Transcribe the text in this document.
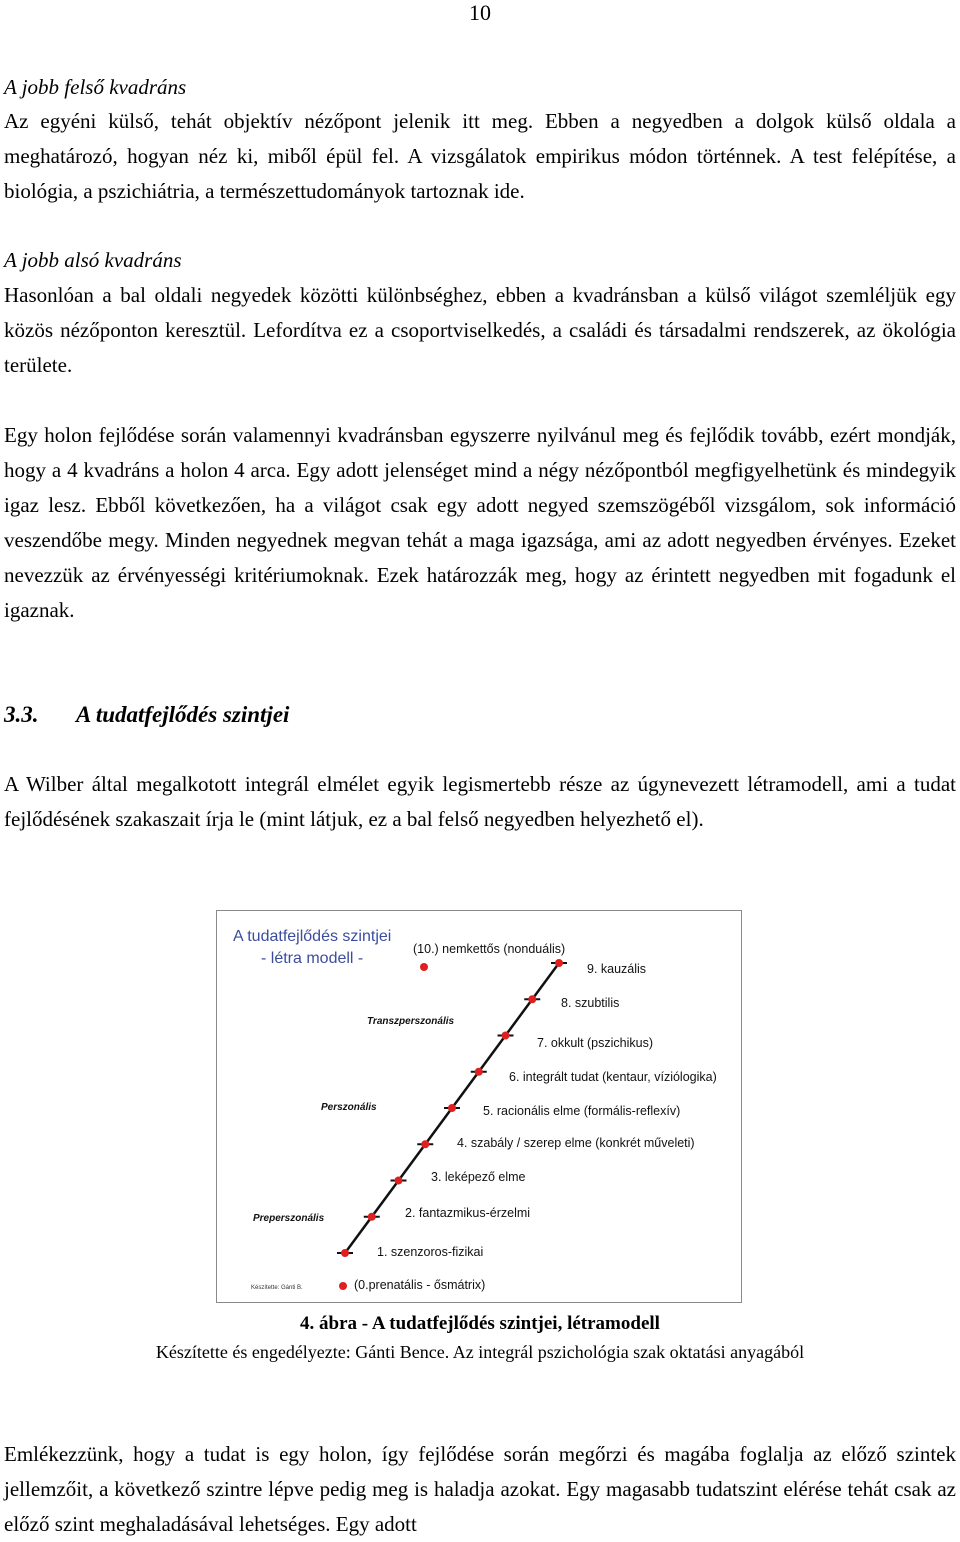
10

A jobb felső kvadráns

Az egyéni külső, tehát objektív nézőpont jelenik itt meg. Ebben a negyedben a dolgok külső oldala a meghatározó, hogyan néz ki, miből épül fel. A vizsgálatok empirikus módon történnek. A test felépítése, a biológia, a pszichiátria, a természettudományok tartoznak ide.

A jobb alsó kvadráns

Hasonlóan a bal oldali negyedek közötti különbséghez, ebben a kvadránsban a külső világot szemléljük egy közös nézőponton keresztül. Lefordítva ez a csoportviselkedés, a családi és társadalmi rendszerek, az ökológia területe.

Egy holon fejlődése során valamennyi kvadránsban egyszerre nyilvánul meg és fejlődik tovább, ezért mondják, hogy a 4 kvadráns a holon 4 arca. Egy adott jelenséget mind a négy nézőpontból megfigyelhetünk és mindegyik igaz lesz. Ebből következően, ha a világot csak egy adott negyed szemszögéből vizsgálom, sok információ veszendőbe megy. Minden negyednek megvan tehát a maga igazsága, ami az adott negyedben érvényes. Ezeket nevezzük az érvényességi kritériumoknak. Ezek határozzák meg, hogy az érintett negyedben mit fogadunk el igaznak.

3.3. A tudatfejlődés szintjei

A Wilber által megalkotott integrál elmélet egyik legismertebb része az úgynevezett létramodell, ami a tudat fejlődésének szakaszait írja le (mint látjuk, ez a bal felső negyedben helyezhető el).

A tudatfejlődés szintjei
- létra modell -
(10.) nemkettős (nonduális)
9. kauzális
8. szubtilis
7. okkult (pszichikus)
6. integrált tudat (kentaur, víziólogika)
5. racionális elme (formális-reflexív)
4. szabály / szerep elme (konkrét műveleti)
3. leképező elme
2. fantazmikus-érzelmi
1. szenzoros-fizikai
(0.prenatális - ősmátrix)
Transzperszonális
Perszonális
Preperszonális
Készítette: Gánti B.
4. ábra - A tudatfejlődés szintjei, létramodell
Készítette és engedélyezte: Gánti Bence. Az integrál pszichológia szak oktatási anyagából

Emlékezzünk, hogy a tudat is egy holon, így fejlődése során megőrzi és magába foglalja az előző szintek jellemzőit, a következő szintre lépve pedig meg is haladja azokat. Egy magasabb tudatszint elérése tehát csak az előző szint meghaladásával lehetséges. Egy adott
